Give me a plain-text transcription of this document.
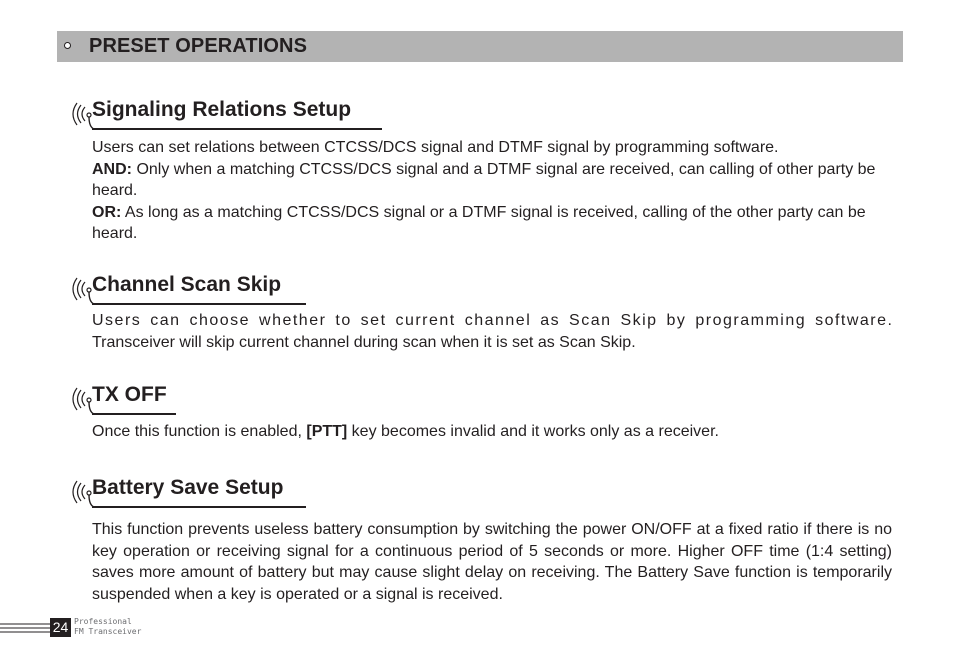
PRESET OPERATIONS
Signaling Relations Setup

Users can set relations between CTCSS/DCS signal and DTMF signal by programming software.
AND: Only when a matching CTCSS/DCS signal and a DTMF signal are received, can calling of other party be heard.
OR: As long as a matching CTCSS/DCS signal or a DTMF signal is received, calling of the other party can be heard.

Channel Scan Skip

Users can choose whether to set current channel as Scan Skip by programming software.
Transceiver will skip current channel during scan when it is set as Scan Skip.

TX OFF

Once this function is enabled, [PTT] key becomes invalid and it works only as a receiver.

Battery Save Setup

This function prevents useless battery consumption by switching the power ON/OFF at a fixed ratio if there is no key operation or receiving signal for a continuous period of 5 seconds or more. Higher OFF time (1:4 setting) saves more amount of battery but may cause slight delay on receiving. The Battery Save function is temporarily suspended when a key is operated or a signal is received.

24 Professional
FM Transceiver
